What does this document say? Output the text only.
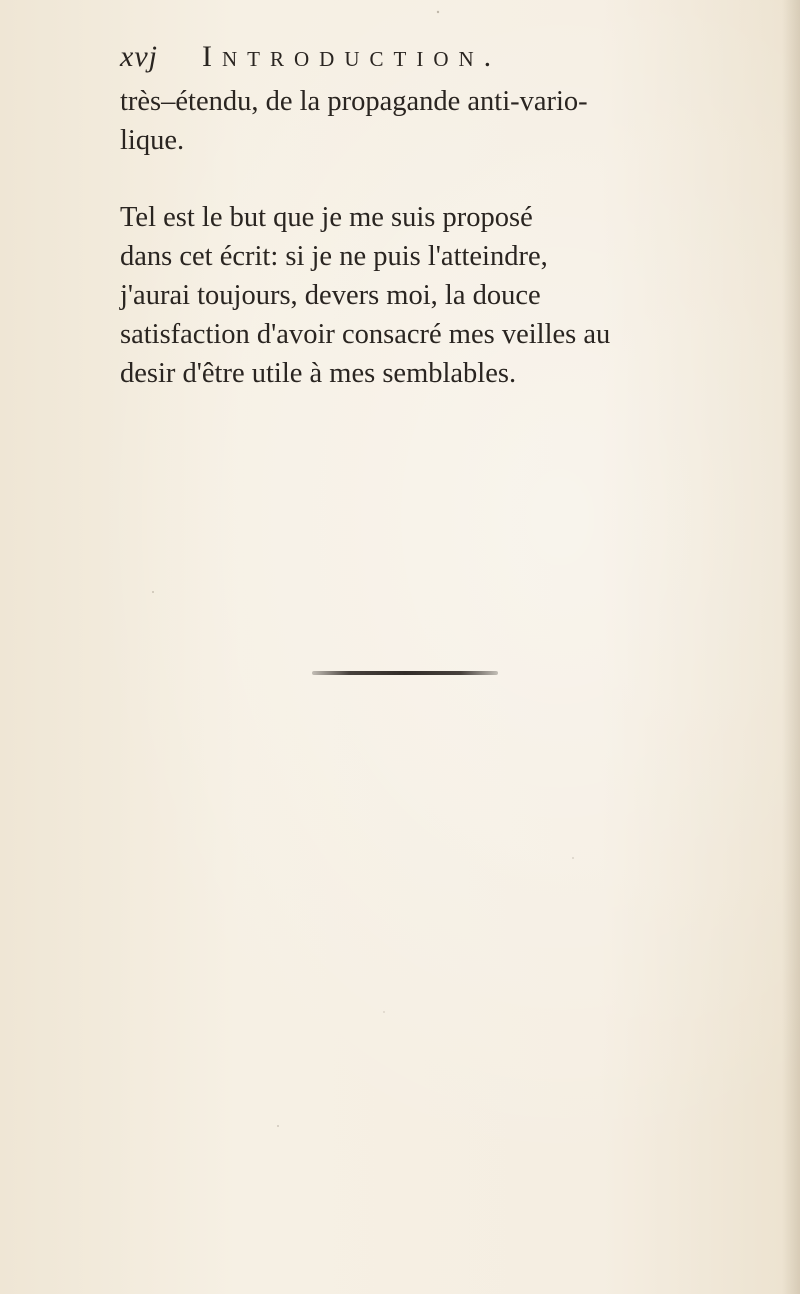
xvj Introduction.
très–étendu, de la propagande anti-vario-
lique.
Tel est le but que je me suis proposé
dans cet écrit: si je ne puis l'atteindre,
j'aurai toujours, devers moi, la douce
satisfaction d'avoir consacré mes veilles au
desir d'être utile à mes semblables.
